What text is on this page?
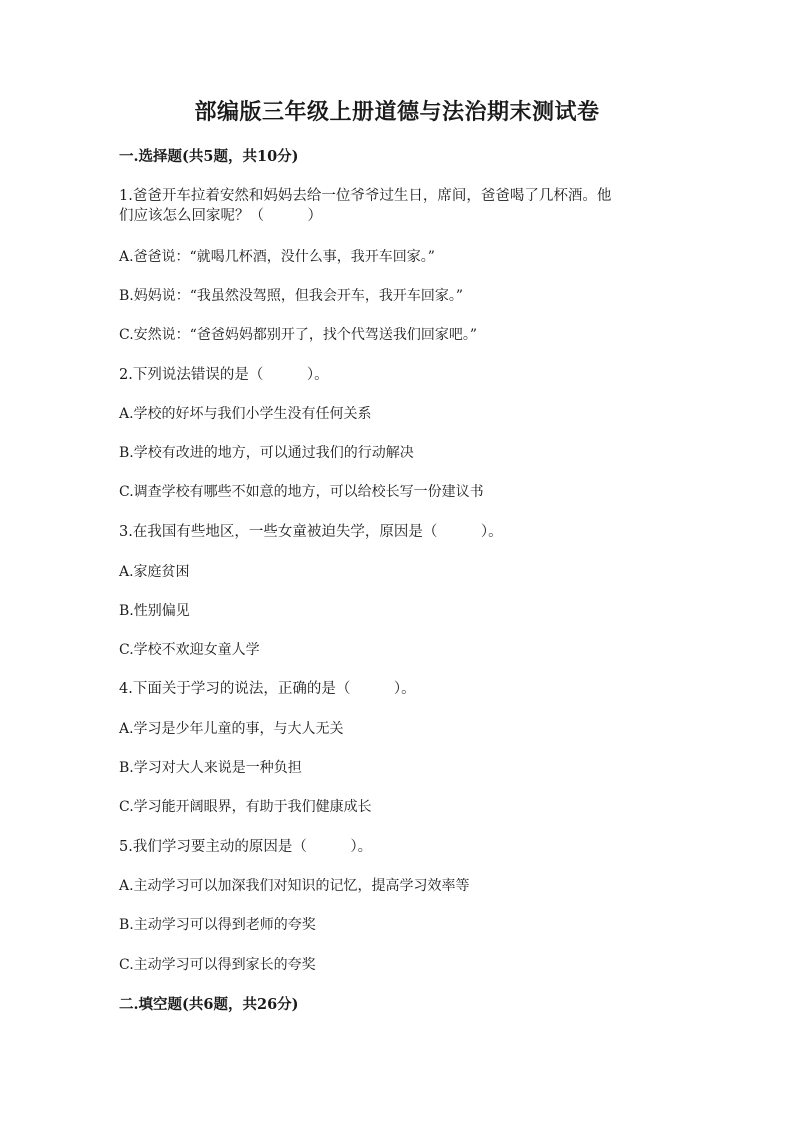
部编版三年级上册道德与法治期末测试卷
一.选择题(共5题，共10分)
1.爸爸开车拉着安然和妈妈去给一位爷爷过生日，席间，爸爸喝了几杯酒。他
们应该怎么回家呢？（　　　）
A.爸爸说：“就喝几杯酒，没什么事，我开车回家。”
B.妈妈说：“我虽然没驾照，但我会开车，我开车回家。”
C.安然说：“爸爸妈妈都别开了，找个代驾送我们回家吧。”
2.下列说法错误的是（　　　）。
A.学校的好坏与我们小学生没有任何关系
B.学校有改进的地方，可以通过我们的行动解决
C.调查学校有哪些不如意的地方，可以给校长写一份建议书
3.在我国有些地区，一些女童被迫失学，原因是（　　　）。
A.家庭贫困
B.性别偏见
C.学校不欢迎女童人学
4.下面关于学习的说法，正确的是（　　　）。
A.学习是少年儿童的事，与大人无关
B.学习对大人来说是一种负担
C.学习能开阔眼界，有助于我们健康成长
5.我们学习要主动的原因是（　　　）。
A.主动学习可以加深我们对知识的记忆，提高学习效率等
B.主动学习可以得到老师的夸奖
C.主动学习可以得到家长的夸奖
二.填空题(共6题，共26分)
